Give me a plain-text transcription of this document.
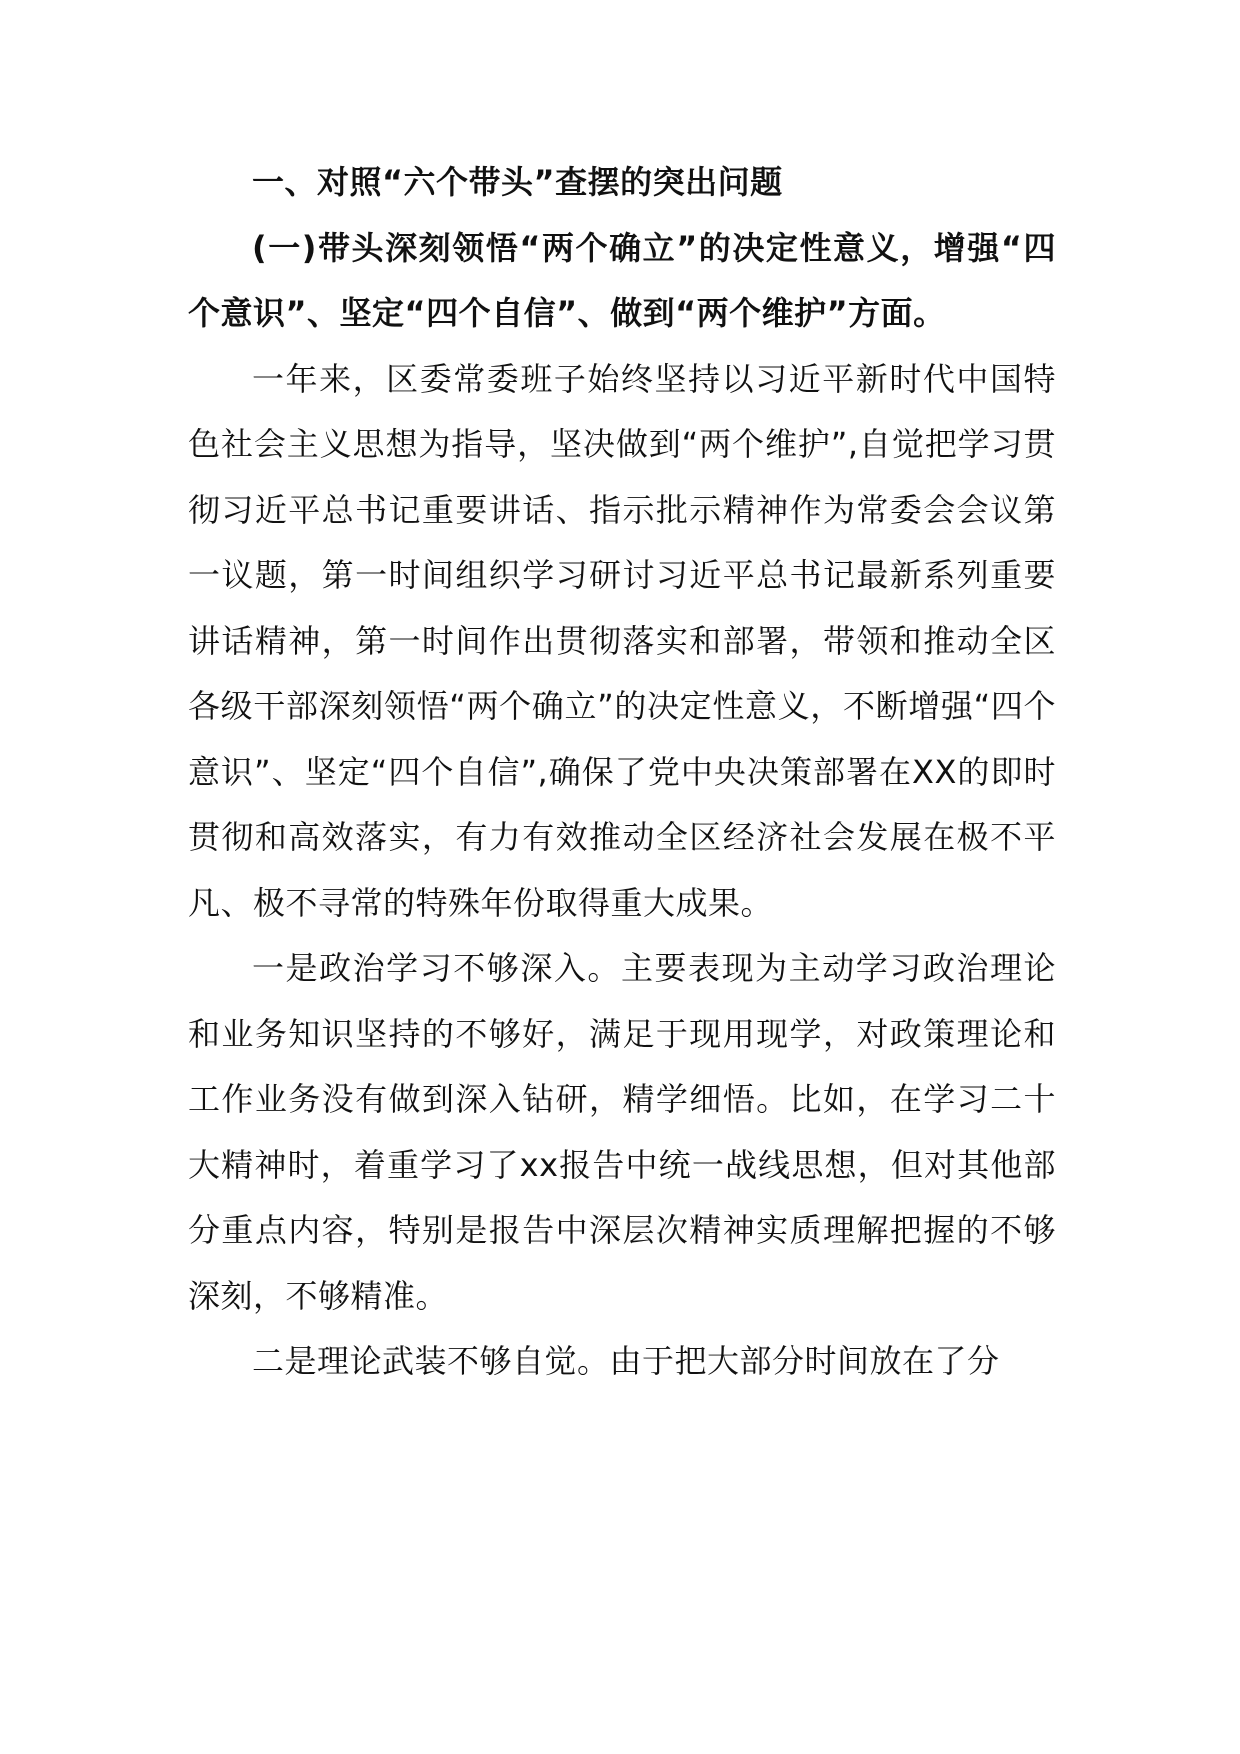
一、对照“六个带头”查摆的突出问题

(一)带头深刻领悟“两个确立”的决定性意义，增强“四个意识”、坚定“四个自信”、做到“两个维护”方面。

一年来，区委常委班子始终坚持以习近平新时代中国特色社会主义思想为指导，坚决做到“两个维护”,自觉把学习贯彻习近平总书记重要讲话、指示批示精神作为常委会会议第一议题，第一时间组织学习研讨习近平总书记最新系列重要讲话精神，第一时间作出贯彻落实和部署，带领和推动全区各级干部深刻领悟“两个确立”的决定性意义，不断增强“四个意识”、坚定“四个自信”,确保了党中央决策部署在XX的即时贯彻和高效落实，有力有效推动全区经济社会发展在极不平凡、极不寻常的特殊年份取得重大成果。

一是政治学习不够深入。主要表现为主动学习政治理论和业务知识坚持的不够好，满足于现用现学，对政策理论和工作业务没有做到深入钻研，精学细悟。比如，在学习二十大精神时，着重学习了xx报告中统一战线思想，但对其他部分重点内容，特别是报告中深层次精神实质理解把握的不够深刻，不够精准。

二是理论武装不够自觉。由于把大部分时间放在了分
